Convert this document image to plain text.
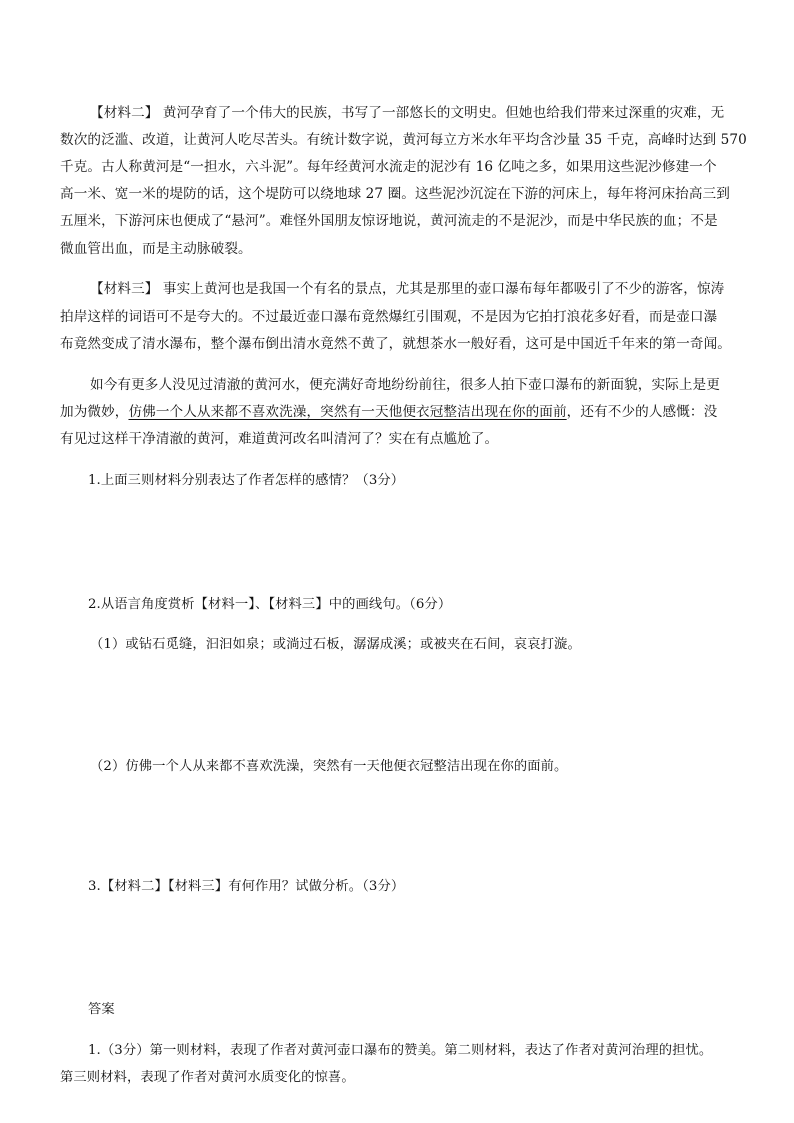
【材料二】 黄河孕育了一个伟大的民族，书写了一部悠长的文明史。但她也给我们带来过深重的灾难，无
数次的泛滥、改道，让黄河人吃尽苦头。有统计数字说，黄河每立方米水年平均含沙量 35 千克，高峰时达到 570
千克。古人称黄河是“一担水，六斗泥”。每年经黄河水流走的泥沙有 16 亿吨之多，如果用这些泥沙修建一个
高一米、宽一米的堤防的话，这个堤防可以绕地球 27 圈。这些泥沙沉淀在下游的河床上，每年将河床抬高三到
五厘米，下游河床也便成了“悬河”。难怪外国朋友惊讶地说，黄河流走的不是泥沙，而是中华民族的血；不是
微血管出血，而是主动脉破裂。
【材料三】 事实上黄河也是我国一个有名的景点，尤其是那里的壶口瀑布每年都吸引了不少的游客，惊涛
拍岸这样的词语可不是夸大的。不过最近壶口瀑布竟然爆红引围观，不是因为它拍打浪花多好看，而是壶口瀑
布竟然变成了清水瀑布，整个瀑布倒出清水竟然不黄了，就想茶水一般好看，这可是中国近千年来的第一奇闻。
如今有更多人没见过清澈的黄河水，便充满好奇地纷纷前往，很多人拍下壶口瀑布的新面貌，实际上是更
加为微妙，仿佛一个人从来都不喜欢洗澡，突然有一天他便衣冠整洁出现在你的面前，还有不少的人感慨：没
有见过这样干净清澈的黄河，难道黄河改名叫清河了？实在有点尴尬了。
1.上面三则材料分别表达了作者怎样的感情？（3分）
2.从语言角度赏析【材料一】、【材料三】中的画线句。（6分）
（1）或钻石觅缝，汩汩如泉；或淌过石板，潺潺成溪；或被夹在石间，哀哀打漩。
（2）仿佛一个人从来都不喜欢洗澡，突然有一天他便衣冠整洁出现在你的面前。
3.【材料二】【材料三】有何作用？试做分析。（3分）
答案
1.（3分）第一则材料，表现了作者对黄河壶口瀑布的赞美。第二则材料，表达了作者对黄河治理的担忧。
第三则材料，表现了作者对黄河水质变化的惊喜。
